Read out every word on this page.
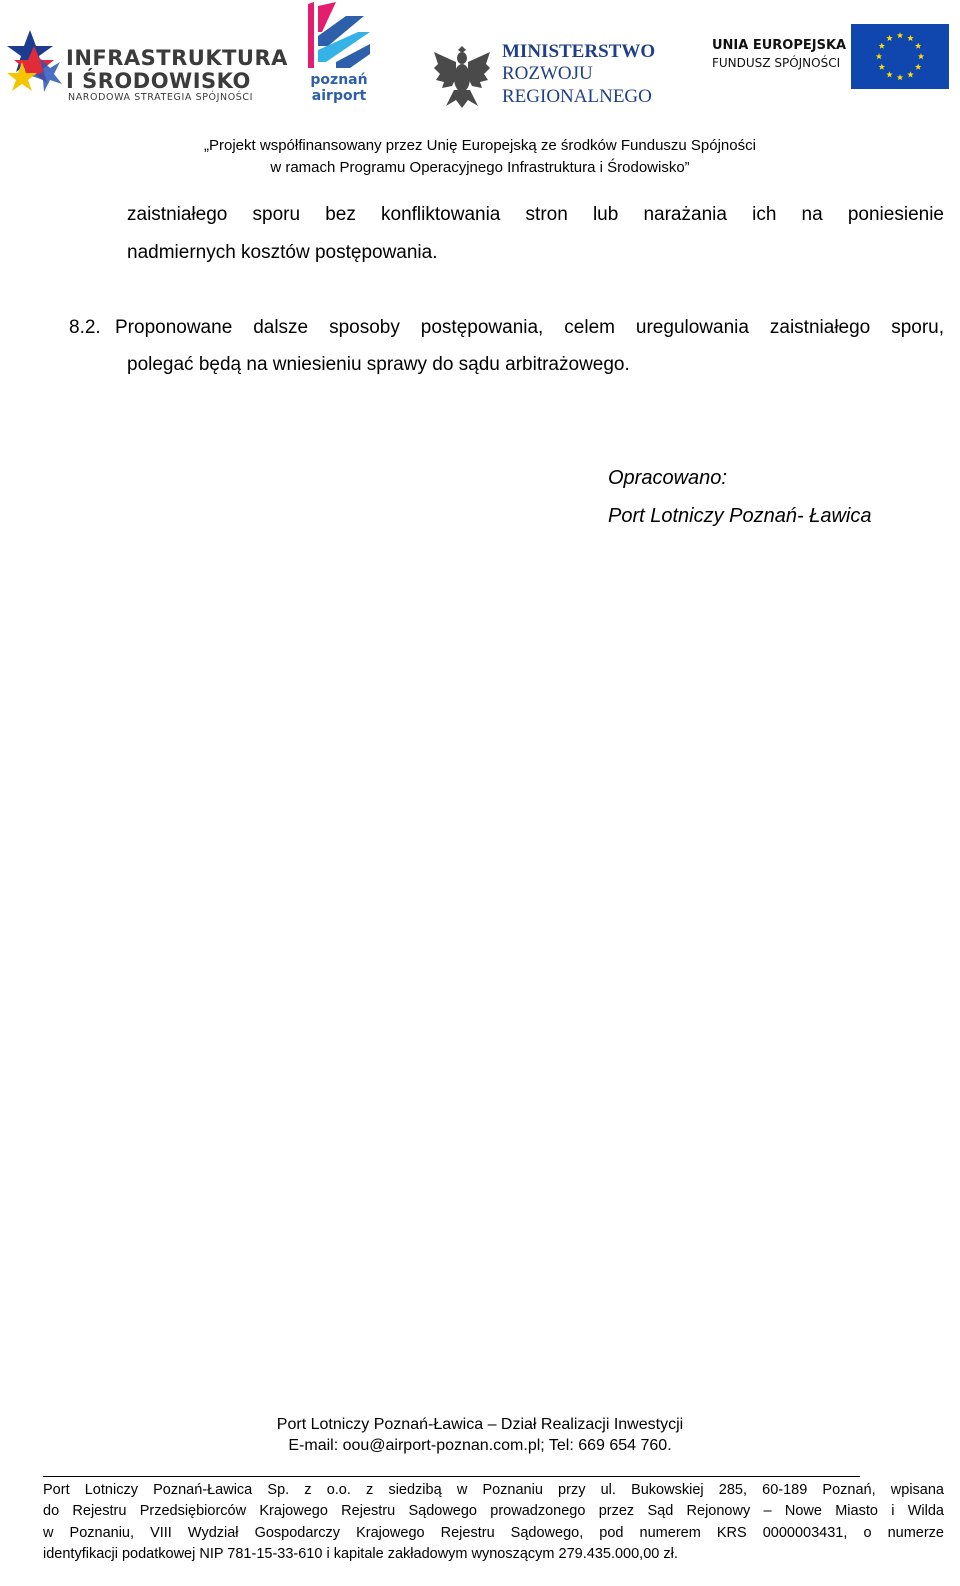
INFRASTRUKTURA
I ŚRODOWISKO
NARODOWA STRATEGIA SPÓJNOŚCI
poznań
airport
MINISTERSTWO
ROZWOJU
REGIONALNEGO
UNIA EUROPEJSKA
FUNDUSZ SPÓJNOŚCI
„Projekt współfinansowany przez Unię Europejską ze środków Funduszu Spójności
w ramach Programu Operacyjnego Infrastruktura i Środowisko”
zaistniałego sporu bez konfliktowania stron lub narażania ich na poniesienie
nadmiernych kosztów postępowania.
8.2. Proponowane dalsze sposoby postępowania, celem uregulowania zaistniałego sporu,
polegać będą na wniesieniu sprawy do sądu arbitrażowego.
Opracowano:
Port Lotniczy Poznań- Ławica
Port Lotniczy Poznań-Ławica – Dział Realizacji Inwestycji
E-mail: oou@airport-poznan.com.pl; Tel: 669 654 760.
Port Lotniczy Poznań-Ławica Sp. z o.o. z siedzibą w Poznaniu przy ul. Bukowskiej 285, 60-189 Poznań, wpisana
do Rejestru Przedsiębiorców Krajowego Rejestru Sądowego prowadzonego przez Sąd Rejonowy – Nowe Miasto i Wilda
w Poznaniu, VIII Wydział Gospodarczy Krajowego Rejestru Sądowego, pod numerem KRS 0000003431, o numerze
identyfikacji podatkowej NIP 781-15-33-610 i kapitale zakładowym wynoszącym 279.435.000,00 zł.
